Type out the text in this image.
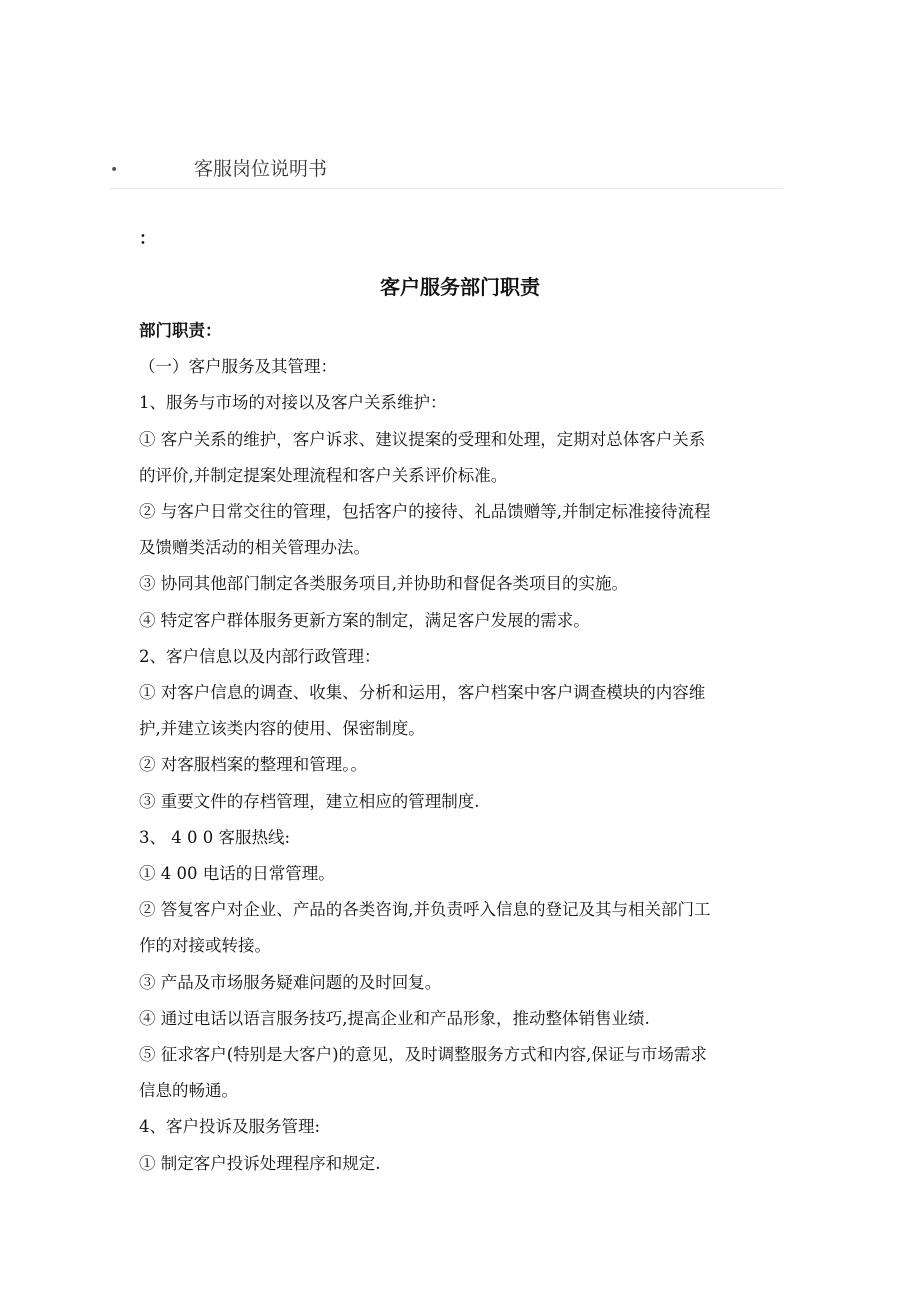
•	客服岗位说明书
：
客户服务部门职责
部门职责：
（一）客户服务及其管理：
1、服务与市场的对接以及客户关系维护：
① 客户关系的维护，客户诉求、建议提案的受理和处理，定期对总体客户关系
的评价,并制定提案处理流程和客户关系评价标准。
② 与客户日常交往的管理，包括客户的接待、礼品馈赠等,并制定标准接待流程
及馈赠类活动的相关管理办法。
③ 协同其他部门制定各类服务项目,并协助和督促各类项目的实施。
④ 特定客户群体服务更新方案的制定，满足客户发展的需求。
2、客户信息以及内部行政管理：
① 对客户信息的调查、收集、分析和运用，客户档案中客户调查模块的内容维
护,并建立该类内容的使用、保密制度。
② 对客服档案的整理和管理。。
③ 重要文件的存档管理，建立相应的管理制度.
3、 4 0 0 客服热线:
① 4 00 电话的日常管理。
② 答复客户对企业、产品的各类咨询,并负责呼入信息的登记及其与相关部门工
作的对接或转接。
③ 产品及市场服务疑难问题的及时回复。
④ 通过电话以语言服务技巧,提高企业和产品形象，推动整体销售业绩.
⑤ 征求客户(特别是大客户)的意见，及时调整服务方式和内容,保证与市场需求
信息的畅通。
4、客户投诉及服务管理:
① 制定客户投诉处理程序和规定.
